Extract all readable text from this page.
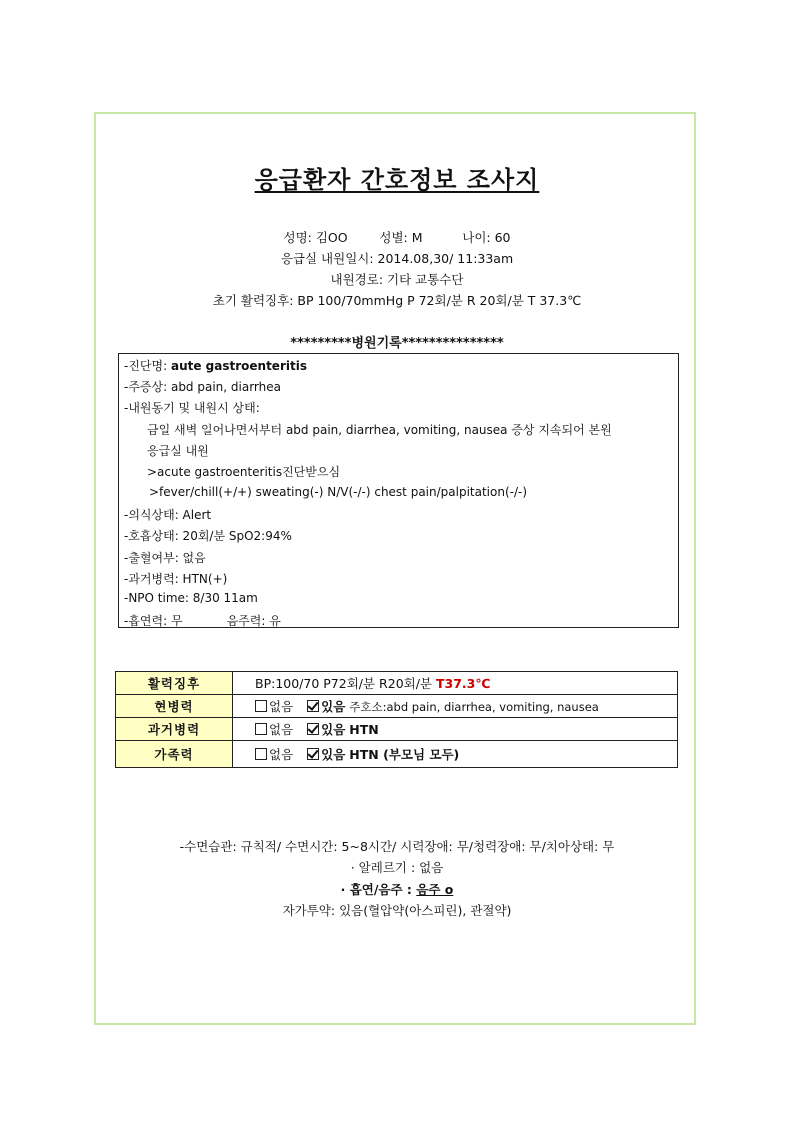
응급환자 간호정보 조사지
성명: 김OO	성별: M	나이: 60
응급실 내원일시: 2014.08,30/ 11:33am
내원경로: 기타 교통수단
초기 활력징후: BP 100/70mmHg P 72회/분 R 20회/분 T 37.3℃
*********병원기록***************
-진단명: aute gastroenteritis
-주증상: abd pain, diarrhea
-내원동기 및 내원시 상태:
금일 새벽 일어나면서부터 abd pain, diarrhea, vomiting, nausea 증상 지속되어 본원
응급실 내원
>acute gastroenteritis진단받으심
>fever/chill(+/+) sweating(-) N/V(-/-) chest pain/palpitation(-/-)
-의식상태: Alert
-호흡상태: 20회/분 SpO2:94%
-출혈여부: 없음
-과거병력: HTN(+)
-NPO time: 8/30 11am
-흡연력: 무	음주력: 유
활력징후	BP:100/70 P72회/분 R20회/분 T37.3℃
현병력	없음 있음 주호소:abd pain, diarrhea, vomiting, nausea
과거병력	없음 있음 HTN
가족력	없음 있음 HTN (부모님 모두)
-수면습관: 규칙적/ 수면시간: 5~8시간/ 시력장애: 무/청력장애: 무/치아상태: 무
· 알레르기 : 없음
· 흡연/음주 : 음주 o
자가투약: 있음(혈압약(아스피린), 관절약)
